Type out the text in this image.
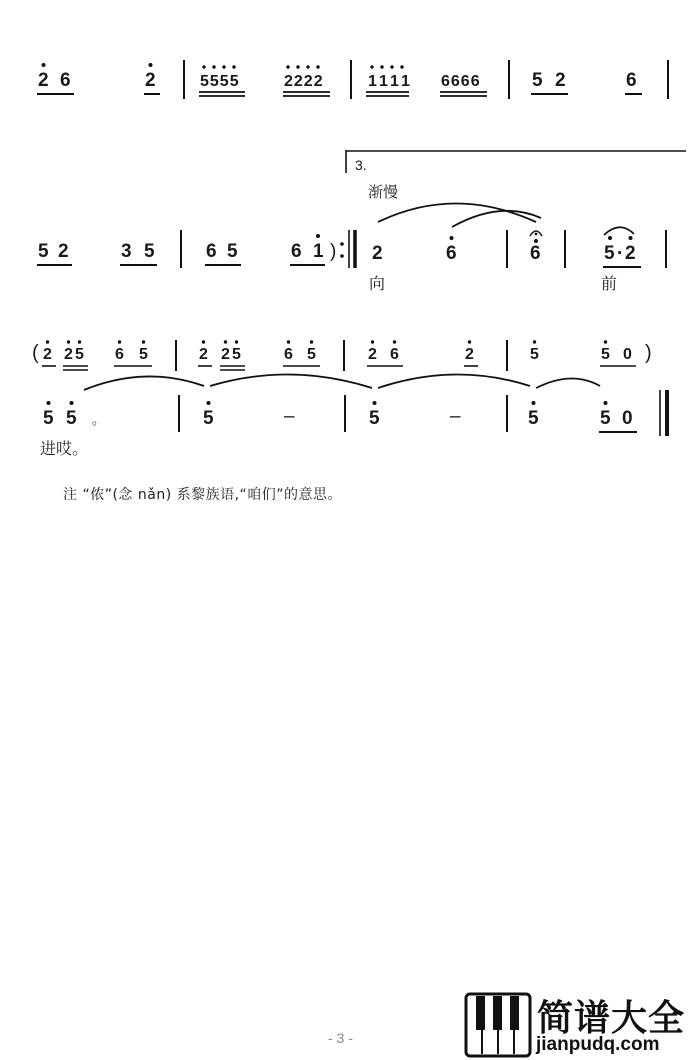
2 6	2	5555	2222	1111 6666	5 2	6
3.
渐慢
5 2	3 5	6 5	6 1 ) 2	6	6	5 · 2
向	前
( 2 2 5 6 5	2 2 5	6 5	2 6	2	5	5 0 )
5 5 。	5	–	5	–	5	5 0
进哎。
注 “侬”(念 nǎn) 系黎族语,“咱们”的意思。
- 3 -	简谱大全
jianpudq.com
